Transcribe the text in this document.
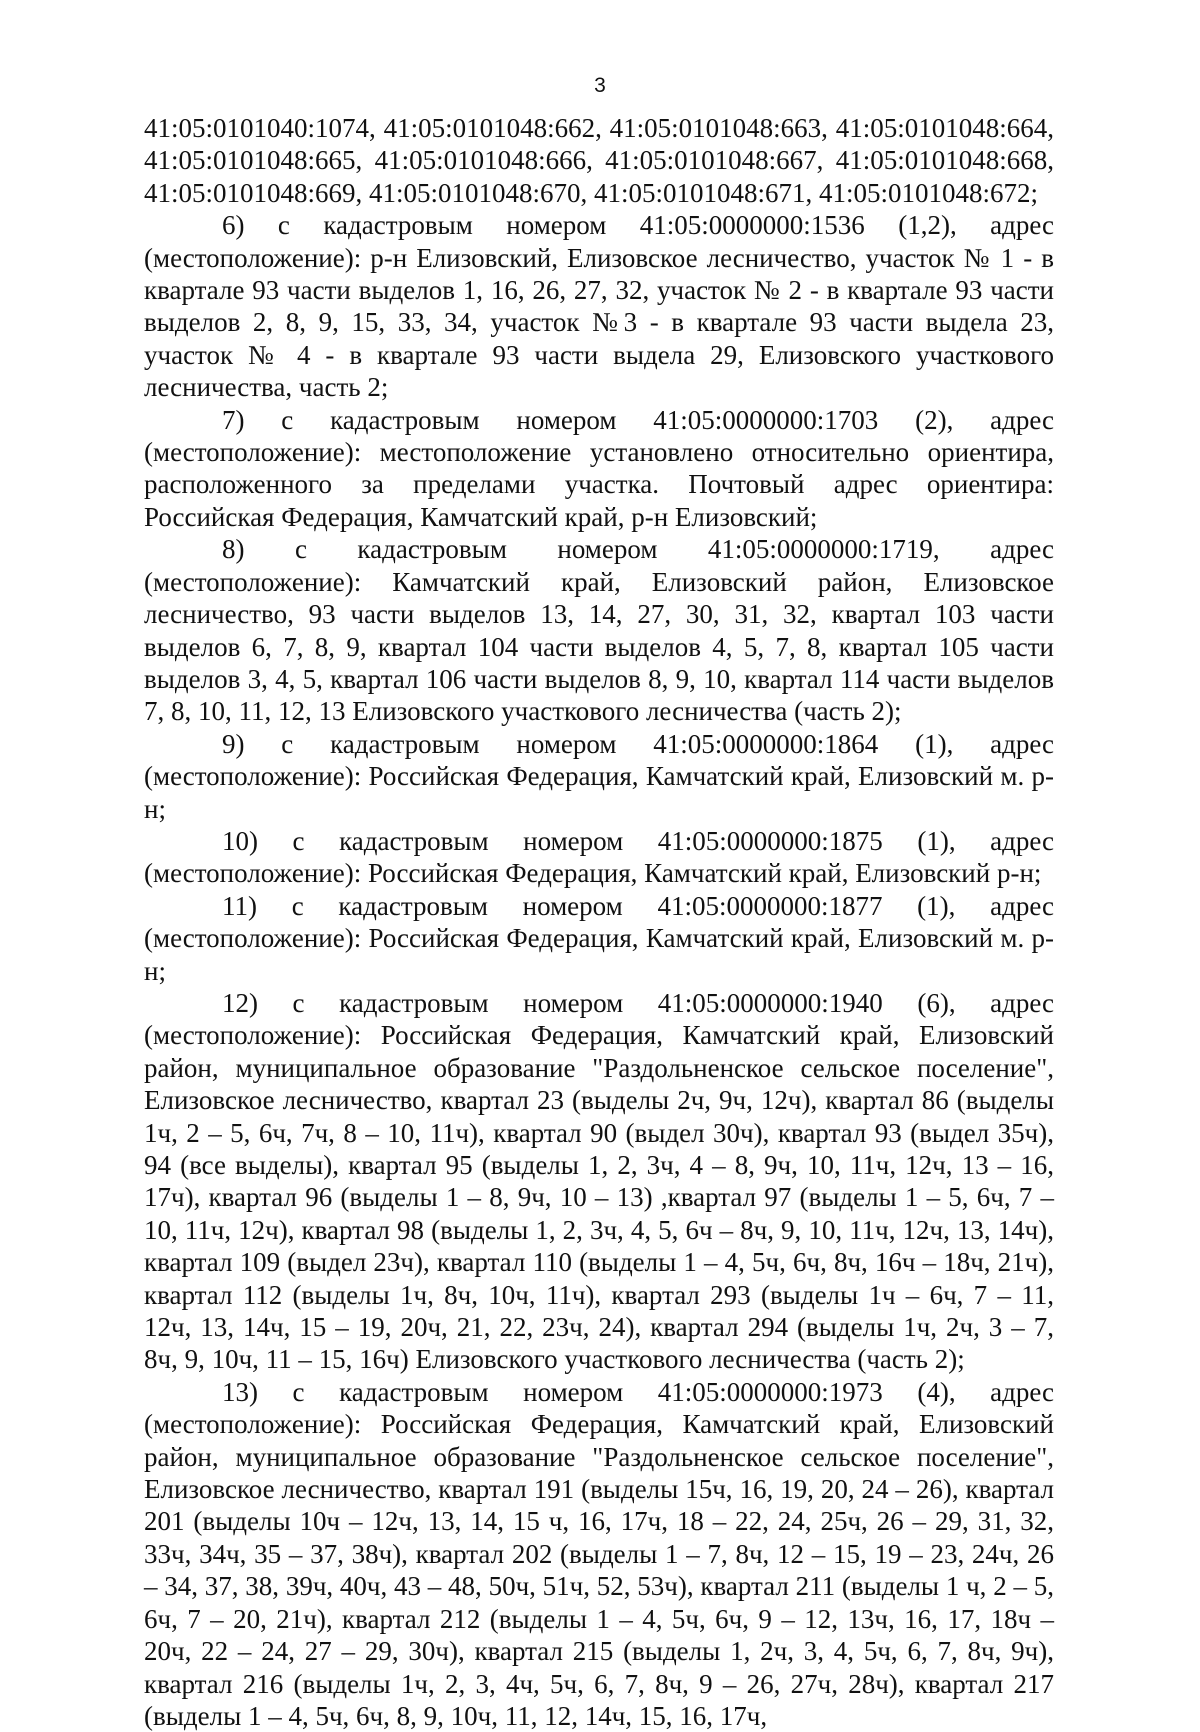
3

41:05:0101040:1074, 41:05:0101048:662, 41:05:0101048:663, 41:05:0101048:664, 41:05:0101048:665, 41:05:0101048:666, 41:05:0101048:667, 41:05:0101048:668, 41:05:0101048:669, 41:05:0101048:670, 41:05:0101048:671, 41:05:0101048:672;

6) с кадастровым номером 41:05:0000000:1536 (1,2), адрес (местоположение): р-н Елизовский, Елизовское лесничество, участок № 1 - в квартале 93 части выделов 1, 16, 26, 27, 32, участок № 2 - в квартале 93 части выделов 2, 8, 9, 15, 33, 34, участок №3 - в квартале 93 части выдела 23, участок № 4 - в квартале 93 части выдела 29, Елизовского участкового лесничества, часть 2;

7) с кадастровым номером 41:05:0000000:1703 (2), адрес (местоположение): местоположение установлено относительно ориентира, расположенного за пределами участка. Почтовый адрес ориентира: Российская Федерация, Камчатский край, р-н Елизовский;

8) с кадастровым номером 41:05:0000000:1719, адрес (местоположение): Камчатский край, Елизовский район, Елизовское лесничество, 93 части выделов 13, 14, 27, 30, 31, 32, квартал 103 части выделов 6, 7, 8, 9, квартал 104 части выделов 4, 5, 7, 8, квартал 105 части выделов 3, 4, 5, квартал 106 части выделов 8, 9, 10, квартал 114 части выделов 7, 8, 10, 11, 12, 13 Елизовского участкового лесничества (часть 2);

9) с кадастровым номером 41:05:0000000:1864 (1), адрес (местоположение): Российская Федерация, Камчатский край, Елизовский м. р-н;

10) с кадастровым номером 41:05:0000000:1875 (1), адрес (местоположение): Российская Федерация, Камчатский край, Елизовский р-н;

11) с кадастровым номером 41:05:0000000:1877 (1), адрес (местоположение): Российская Федерация, Камчатский край, Елизовский м. р-н;

12) с кадастровым номером 41:05:0000000:1940 (6), адрес (местоположение): Российская Федерация, Камчатский край, Елизовский район, муниципальное образование "Раздольненское сельское поселение", Елизовское лесничество, квартал 23 (выделы 2ч, 9ч, 12ч), квартал 86 (выделы 1ч, 2 – 5, 6ч, 7ч, 8 – 10, 11ч), квартал 90 (выдел 30ч), квартал 93 (выдел 35ч), 94 (все выделы), квартал 95 (выделы 1, 2, 3ч, 4 – 8, 9ч, 10, 11ч, 12ч, 13 – 16, 17ч), квартал 96 (выделы 1 – 8, 9ч, 10 – 13) ,квартал 97 (выделы 1 – 5, 6ч, 7 – 10, 11ч, 12ч), квартал 98 (выделы 1, 2, 3ч, 4, 5, 6ч – 8ч, 9, 10, 11ч, 12ч, 13, 14ч), квартал 109 (выдел 23ч), квартал 110 (выделы 1 – 4, 5ч, 6ч, 8ч, 16ч – 18ч, 21ч), квартал 112 (выделы 1ч, 8ч, 10ч, 11ч), квартал 293 (выделы 1ч – 6ч, 7 – 11, 12ч, 13, 14ч, 15 – 19, 20ч, 21, 22, 23ч, 24), квартал 294 (выделы 1ч, 2ч, 3 – 7, 8ч, 9, 10ч, 11 – 15, 16ч) Елизовского участкового лесничества (часть 2);

13) с кадастровым номером 41:05:0000000:1973 (4), адрес (местоположение): Российская Федерация, Камчатский край, Елизовский район, муниципальное образование "Раздольненское сельское поселение", Елизовское лесничество, квартал 191 (выделы 15ч, 16, 19, 20, 24 – 26), квартал 201 (выделы 10ч – 12ч, 13, 14, 15 ч, 16, 17ч, 18 – 22, 24, 25ч, 26 – 29, 31, 32, 33ч, 34ч, 35 – 37, 38ч), квартал 202 (выделы 1 – 7, 8ч, 12 – 15, 19 – 23, 24ч, 26 – 34, 37, 38, 39ч, 40ч, 43 – 48, 50ч, 51ч, 52, 53ч), квартал 211 (выделы 1 ч, 2 – 5, 6ч, 7 – 20, 21ч), квартал 212 (выделы 1 – 4, 5ч, 6ч, 9 – 12, 13ч, 16, 17, 18ч – 20ч, 22 – 24, 27 – 29, 30ч), квартал 215 (выделы 1, 2ч, 3, 4, 5ч, 6, 7, 8ч, 9ч), квартал 216 (выделы 1ч, 2, 3, 4ч, 5ч, 6, 7, 8ч, 9 – 26, 27ч, 28ч), квартал 217 (выделы 1 – 4, 5ч, 6ч, 8, 9, 10ч, 11, 12, 14ч, 15, 16, 17ч,
